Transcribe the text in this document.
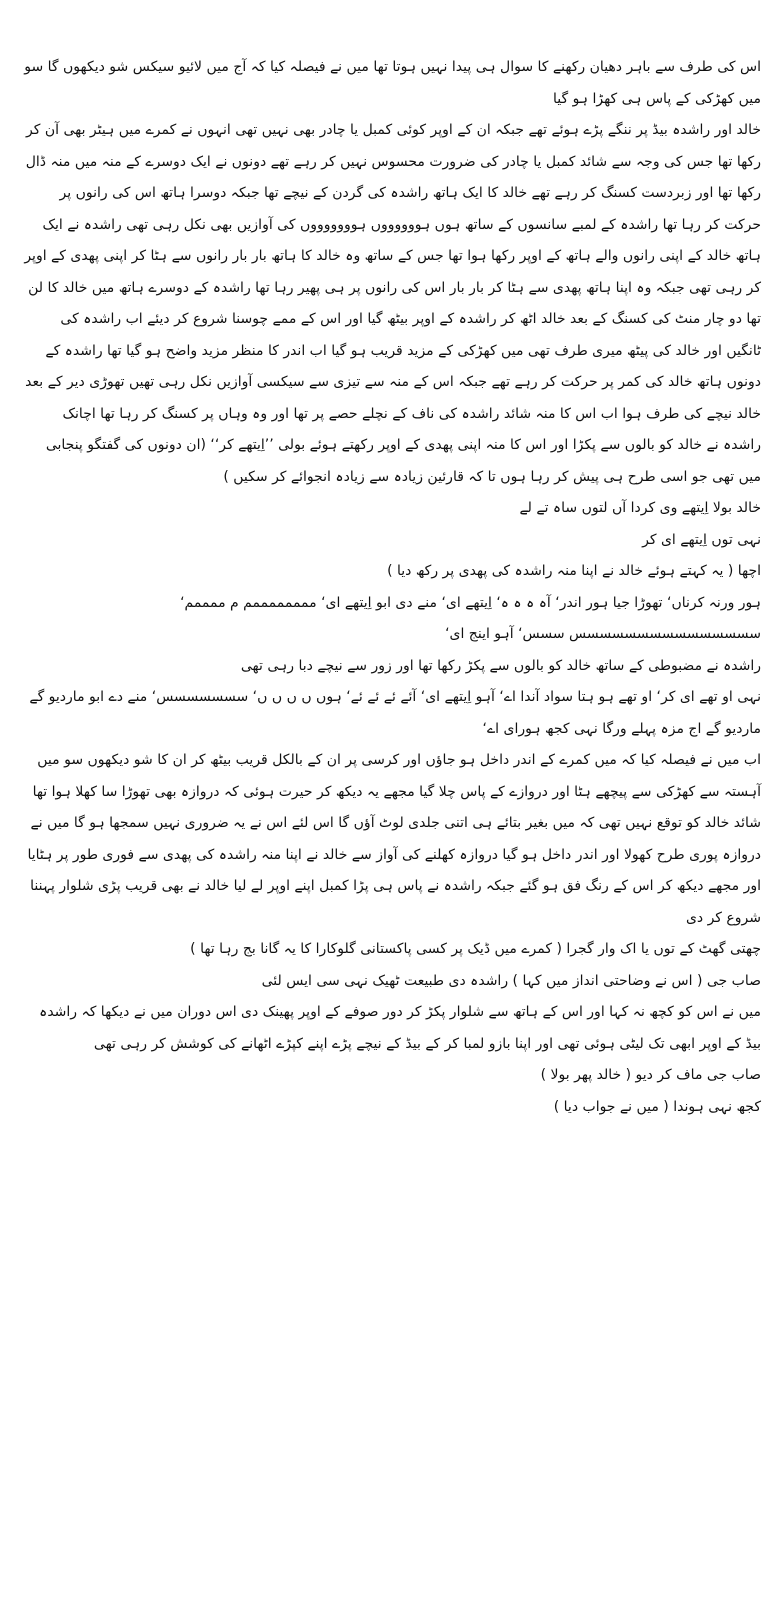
اس کی طرف سے باہر دھیان رکھنے کا سوال ہی پیدا نہیں ہوتا تھا میں نے فیصلہ کیا کہ آج میں لائیو سیکس شو دیکھوں گا سو میں کھڑکی کے پاس ہی کھڑا ہو گیا

خالد اور راشدہ بیڈ پر ننگے پڑے ہوئے تھے جبکہ ان کے اوپر کوئی کمبل یا چادر بھی نہیں تھی انہوں نے کمرے میں ہیٹر بھی آن کر رکھا تھا جس کی وجہ سے شائد کمبل یا چادر کی ضرورت محسوس نہیں کر رہے تھے دونوں نے ایک دوسرے کے منہ میں منہ ڈال رکھا تھا اور زبردست کسنگ کر رہے تھے خالد کا ایک ہاتھ راشدہ کی گردن کے نیچے تھا جبکہ دوسرا ہاتھ اس کی رانوں پر حرکت کر رہا تھا راشدہ کے لمبے سانسوں کے ساتھ ہوں ہووووووں ہوووووووں کی آوازیں بھی نکل رہی تھی راشدہ نے ایک ہاتھ خالد کے اپنی رانوں والے ہاتھ کے اوپر رکھا ہوا تھا جس کے ساتھ وہ خالد کا ہاتھ بار بار رانوں سے ہٹا کر اپنی پھدی کے اوپر کر رہی تھی جبکہ وہ اپنا ہاتھ پھدی سے ہٹا کر بار بار اس کی رانوں پر ہی پھیر رہا تھا راشدہ کے دوسرے ہاتھ میں خالد کا لن تھا دو چار منٹ کی کسنگ کے بعد خالد اٹھ کر راشدہ کے اوپر بیٹھ گیا اور اس کے ممے چوسنا شروع کر دیئے اب راشدہ کی ٹانگیں اور خالد کی پیٹھ میری طرف تھی میں کھڑکی کے مزید قریب ہو گیا اب اندر کا منظر مزید واضح ہو گیا تھا راشدہ کے دونوں ہاتھ خالد کی کمر پر حرکت کر رہے تھے جبکہ اس کے منہ سے تیزی سے سیکسی آوازیں نکل رہی تھیں تھوڑی دیر کے بعد خالد نیچے کی طرف ہوا اب اس کا منہ شائد راشدہ کی ناف کے نچلے حصے پر تھا اور وہ وہاں پر کسنگ کر رہا تھا اچانک راشدہ نے خالد کو بالوں سے پکڑا اور اس کا منہ اپنی پھدی کے اوپر رکھتے ہوئے بولی ’’اِیتھے کر‘‘ (ان دونوں کی گفتگو پنجابی میں تھی جو اسی طرح ہی پیش کر رہا ہوں تا کہ قارئین زیادہ سے زیادہ انجوائے کر سکیں )

خالد بولا اِیتھے وی کردا آں لتوں ساہ تے لے

نہی توں اِیتھے ای کر

اچھا ( یہ کہتے ہوئے خالد نے اپنا منہ راشدہ کی پھدی پر رکھ دیا )

ہور ورنہ کرناں‘ تھوڑا جیا ہور اندر‘ آہ ہ ہ ہ‘ اِیتھے ای‘ منے دی ابو اِیتھے ای‘ ممممممممم م ممممم‘ سسسسسسسسسسسسسسس سسس‘ آہو اینج ای‘

راشدہ نے مضبوطی کے ساتھ خالد کو بالوں سے پکڑ رکھا تھا اور زور سے نیچے دبا رہی تھی

نہی او تھے ای کر‘ او تھے ہو ہتا سواد آندا اے‘ آہو اِیتھے ای‘ آئے ئے ئے ئے‘ ہوں ں ں ں ں‘ سسسسسسس‘ منے دے ابو ماردیو گے ماردیو گے اج مزہ پہلے ورگا نہی کجھ ہورای اے‘

اب میں نے فیصلہ کیا کہ میں کمرے کے اندر داخل ہو جاؤں اور کرسی پر ان کے بالکل قریب بیٹھ کر ان کا شو دیکھوں سو میں آہستہ سے کھڑکی سے پیچھے ہٹا اور دروازے کے پاس چلا گیا مجھے یہ دیکھ کر حیرت ہوئی کہ دروازہ بھی تھوڑا سا کھلا ہوا تھا شائد خالد کو توقع نہیں تھی کہ میں بغیر بتائے ہی اتنی جلدی لوٹ آؤں گا اس لئے اس نے یہ ضروری نہیں سمجھا ہو گا میں نے دروازہ پوری طرح کھولا اور اندر داخل ہو گیا دروازہ کھلنے کی آواز سے خالد نے اپنا منہ راشدہ کی پھدی سے فوری طور پر ہٹایا اور مجھے دیکھ کر اس کے رنگ فق ہو گئے جبکہ راشدہ نے پاس ہی پڑا کمبل اپنے اوپر لے لیا خالد نے بھی قریب پڑی شلوار پہننا شروع کر دی

چھتی گھٹ کے توں یا اک وار گجرا ( کمرے میں ڈیک پر کسی پاکستانی گلوکارا کا یہ گانا بج رہا تھا )

صاب جی ( اس نے وضاحتی انداز میں کہا ) راشدہ دی طبیعت ٹھیک نہی سی ایس لئی

میں نے اس کو کچھ نہ کہا اور اس کے ہاتھ سے شلوار پکڑ کر دور صوفے کے اوپر پھینک دی اس دوران میں نے دیکھا کہ راشدہ بیڈ کے اوپر ابھی تک لیٹی ہوئی تھی اور اپنا بازو لمبا کر کے بیڈ کے نیچے پڑے اپنے کپڑے اٹھانے کی کوشش کر رہی تھی

صاب جی ماف کر دیو ( خالد پھر بولا )

کجھ نہی ہوندا ( میں نے جواب دیا )
